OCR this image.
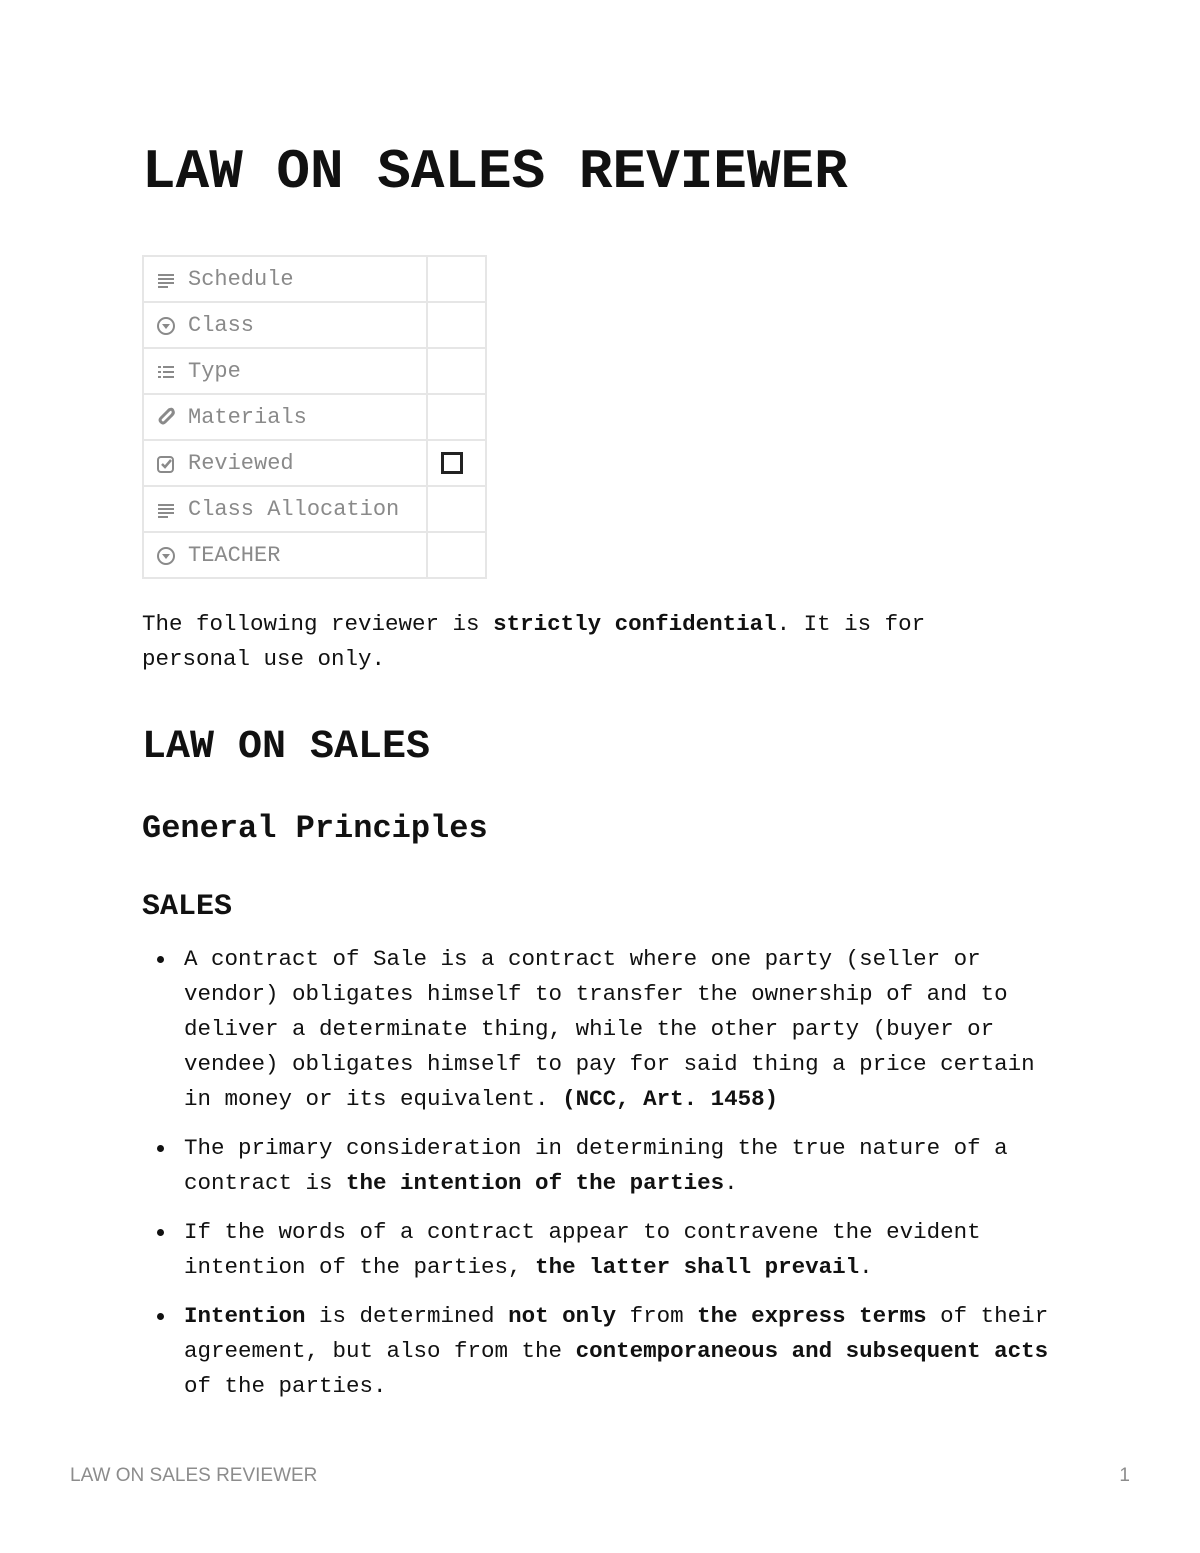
LAW ON SALES REVIEWER
Schedule	

Class	

Type	

Materials	

Reviewed	

Class Allocation	

TEACHER	

The following reviewer is strictly confidential. It is for personal use only.

LAW ON SALES
General Principles
SALES
A contract of Sale is a contract where one party (seller or vendor) obligates himself to transfer the ownership of and to deliver a determinate thing, while the other party (buyer or vendee) obligates himself to pay for said thing a price certain in money or its equivalent. (NCC, Art. 1458)
The primary consideration in determining the true nature of a contract is the intention of the parties.
If the words of a contract appear to contravene the evident intention of the parties, the latter shall prevail.
Intention is determined not only from the express terms of their agreement, but also from the contemporaneous and subsequent acts of the parties.
LAW ON SALES REVIEWER	1
